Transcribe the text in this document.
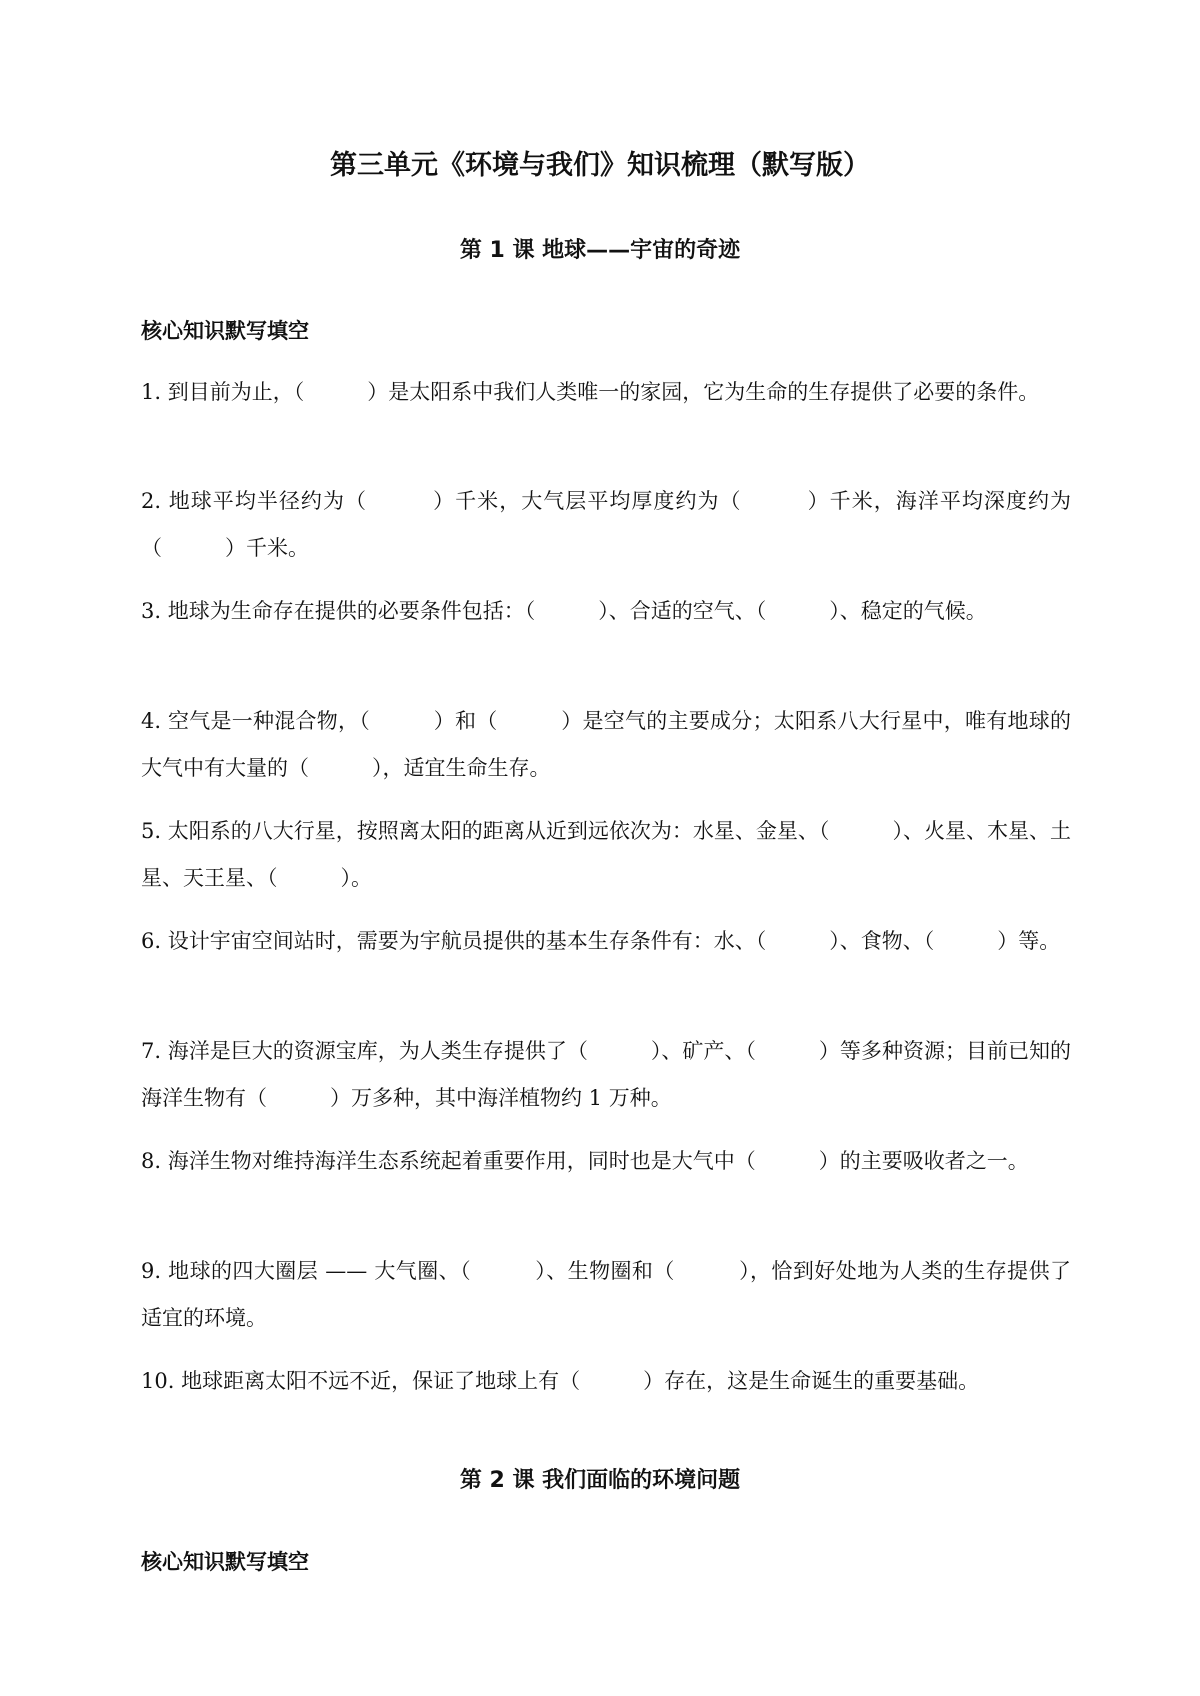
第三单元《环境与我们》知识梳理（默写版）
第 1 课 地球——宇宙的奇迹
核心知识默写填空

1. 到目前为止，（　　　）是太阳系中我们人类唯一的家园，它为生命的生存提供了必要的条件。

2. 地球平均半径约为（　　　）千米，大气层平均厚度约为（　　　）千米，海洋平均深度约为（　　　）千米。

3. 地球为生命存在提供的必要条件包括：（　　　）、合适的空气、（　　　）、稳定的气候。

4. 空气是一种混合物，（　　　）和（　　　）是空气的主要成分；太阳系八大行星中，唯有地球的大气中有大量的（　　　），适宜生命生存。

5. 太阳系的八大行星，按照离太阳的距离从近到远依次为：水星、金星、（　　　）、火星、木星、土星、天王星、（　　　）。

6. 设计宇宙空间站时，需要为宇航员提供的基本生存条件有：水、（　　　）、食物、（　　　）等。

7. 海洋是巨大的资源宝库，为人类生存提供了（　　　）、矿产、（　　　）等多种资源；目前已知的海洋生物有（　　　）万多种，其中海洋植物约 1 万种。

8. 海洋生物对维持海洋生态系统起着重要作用，同时也是大气中（　　　）的主要吸收者之一。

9. 地球的四大圈层 —— 大气圈、（　　　）、生物圈和（　　　），恰到好处地为人类的生存提供了适宜的环境。

10. 地球距离太阳不远不近，保证了地球上有（　　　）存在，这是生命诞生的重要基础。

第 2 课 我们面临的环境问题
核心知识默写填空
